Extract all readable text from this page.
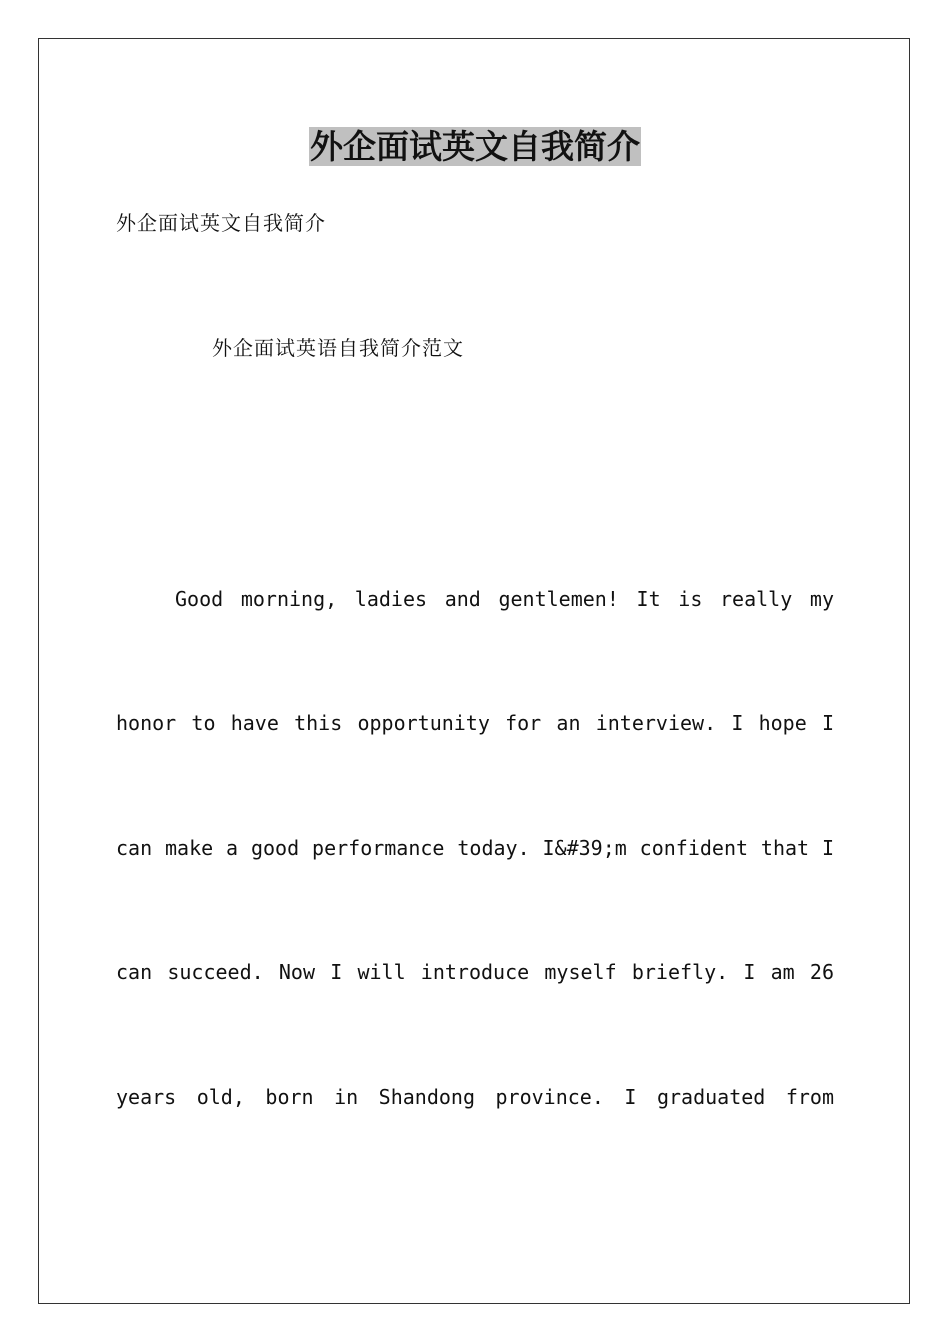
外企面试英文自我简介

外企面试英文自我简介

外企面试英语自我简介范文

Good morning, ladies and gentlemen! It is really my

honor to have this opportunity for an interview. I hope I

can make a good performance today. I&#39;m confident that I

can succeed. Now I will introduce myself briefly. I am 26

years old, born in Shandong province. I graduated from
